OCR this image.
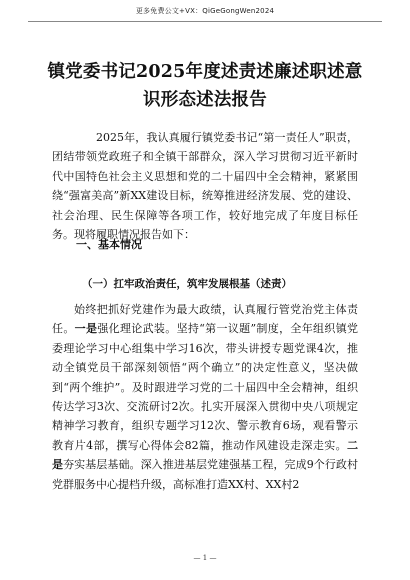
更多免费公文+VX：QiGeGongWen2024
镇党委书记2025年度述责述廉述职述意识形态述法报告

2025年，我认真履行镇党委书记“第一责任人”职责，团结带领党政班子和全镇干部群众，深入学习贯彻习近平新时代中国特色社会主义思想和党的二十届四中全会精神，紧紧围绕“强富美高”新XX建设目标，统筹推进经济发展、党的建设、社会治理、民生保障等各项工作，较好地完成了年度目标任务。现将履职情况报告如下：

一、基本情况

（一）扛牢政治责任，筑牢发展根基（述责）

始终把抓好党建作为最大政绩，认真履行管党治党主体责任。一是强化理论武装。坚持“第一议题”制度，全年组织镇党委理论学习中心组集中学习16次，带头讲授专题党课4次，推动全镇党员干部深刻领悟“两个确立”的决定性意义，坚决做到“两个维护”。及时跟进学习党的二十届四中全会精神，组织传达学习3次、交流研讨2次。扎实开展深入贯彻中央八项规定精神学习教育，组织专题学习12次、警示教育6场，观看警示教育片4部，撰写心得体会82篇，推动作风建设走深走实。二是夯实基层基础。深入推进基层党建强基工程，完成9个行政村党群服务中心提档升级，高标准打造XX村、XX村2

— 1 —
